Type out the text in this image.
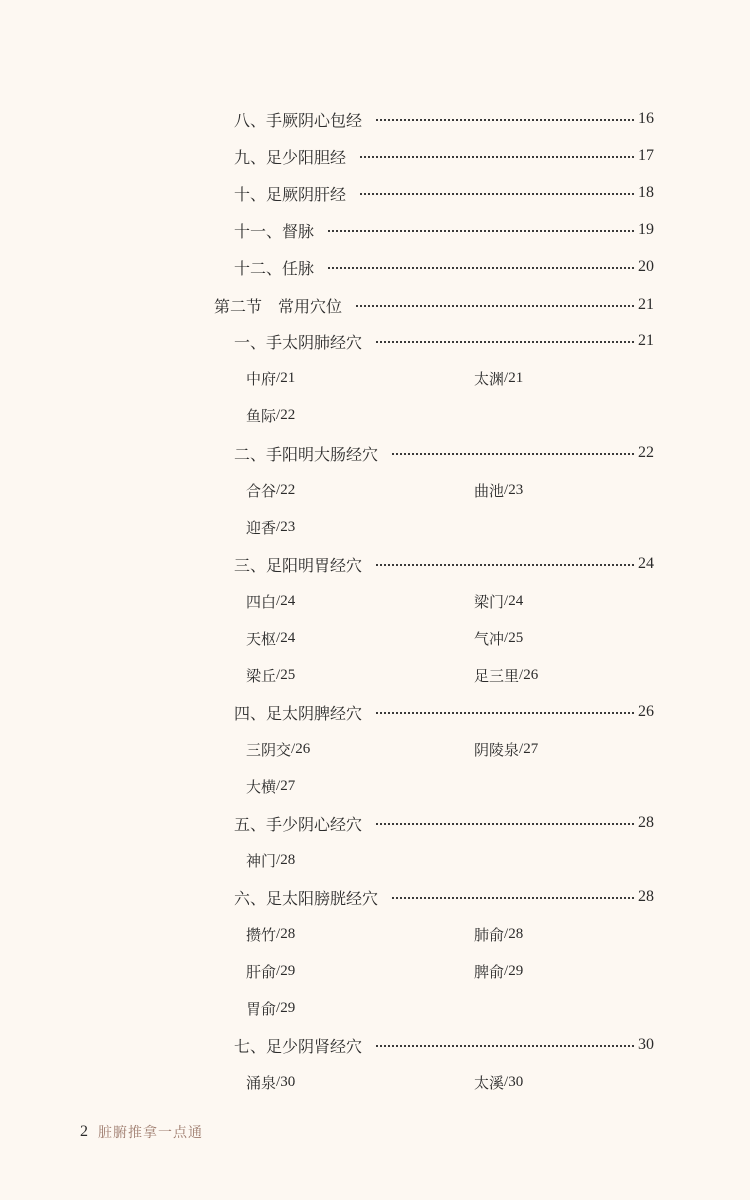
八、手厥阴心包经	16
九、足少阳胆经	17
十、足厥阴肝经	18
十一、督脉	19
十二、任脉	20
第二节　常用穴位	21
一、手太阴肺经穴	21
中府 / 21	太渊 / 21
鱼际 / 22
二、手阳明大肠经穴	22
合谷 / 22	曲池 / 23
迎香 / 23
三、足阳明胃经穴	24
四白 / 24	梁门 / 24
天枢 / 24	气冲 / 25
梁丘 / 25	足三里 / 26
四、足太阴脾经穴	26
三阴交 / 26	阴陵泉 / 27
大横 / 27
五、手少阴心经穴	28
神门 / 28
六、足太阳膀胱经穴	28
攒竹 / 28	肺俞 / 28
肝俞 / 29	脾俞 / 29
胃俞 / 29
七、足少阴肾经穴	30
涌泉 / 30	太溪 / 30
2 脏腑推拿一点通
